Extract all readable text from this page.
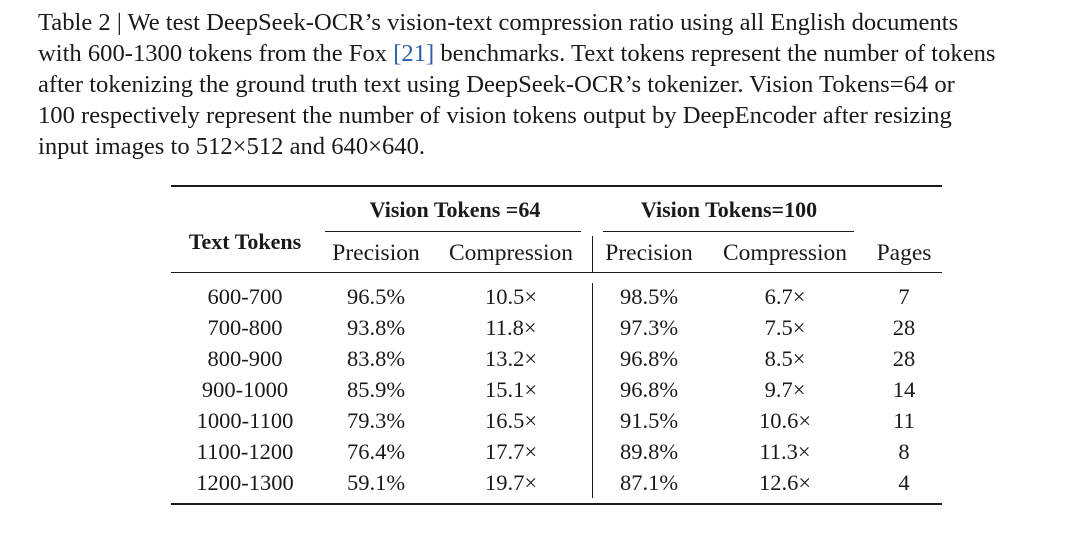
Table 2 | We test DeepSeek-OCR’s vision-text compression ratio using all English documents
with 600-1300 tokens from the Fox [21] benchmarks. Text tokens represent the number of tokens
after tokenizing the ground truth text using DeepSeek-OCR’s tokenizer. Vision Tokens=64 or
100 respectively represent the number of vision tokens output by DeepEncoder after resizing
input images to 512×512 and 640×640.
Text Tokens
Vision Tokens =64	Vision Tokens=100
Precision Compression Precision Compression Pages
600-700	96.5%	10.5×	98.5%	6.7×	7
700-800	93.8%	11.8×	97.3%	7.5×	28
800-900	83.8%	13.2×	96.8%	8.5×	28
900-1000	85.9%	15.1×	96.8%	9.7×	14
1000-1100 79.3%	16.5×	91.5%	10.6×	11
1100-1200 76.4%	17.7×	89.8%	11.3×	8
1200-1300 59.1%	19.7×	87.1%	12.6×	4
